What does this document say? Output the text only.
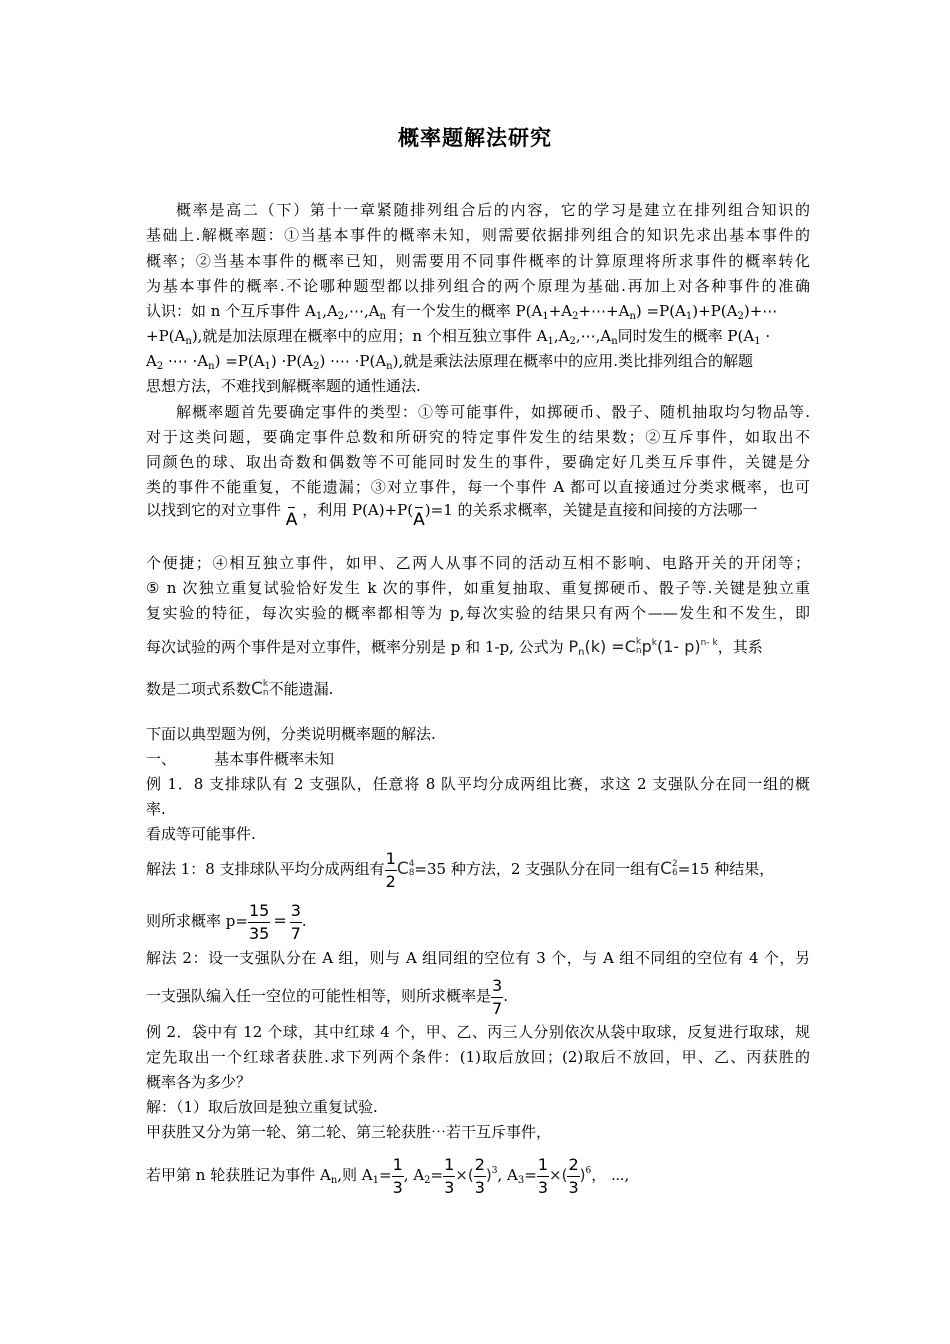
概率题解法研究
概率是高二（下）第十一章紧随排列组合后的内容，它的学习是建立在排列组合知识的
基础上.解概率题：①当基本事件的概率未知，则需要依据排列组合的知识先求出基本事件的
概率；②当基本事件的概率已知，则需要用不同事件概率的计算原理将所求事件的概率转化
为基本事件的概率.不论哪种题型都以排列组合的两个原理为基础.再加上对各种事件的准确
认识：如 n 个互斥事件 $A_1,A_2,\cdots,A_n$ 有一个发生的概率 $P(A_1+A_2+\cdots+A_n)$ $=P(A_1)+P(A_2)+\cdots$
$+P(A_n)$,就是加法原理在概率中的应用；n 个相互独立事件 $A_1,A_2,\cdots,A_n$同时发生的概率 $P(A_1$ ·
$A_2$ ·⋯ $\cdot A_n) =P(A_1) \cdot P(A_2)$ ·⋯ $\cdot P(A_n)$,就是乘法法原理在概率中的应用.类比排列组合的解题
思想方法，不难找到解概率题的通性通法.
解概率题首先要确定事件的类型：①等可能事件，如掷硬币、骰子、随机抽取均匀物品等.
对于这类问题，要确定事件总数和所研究的特定事件发生的结果数；②互斥事件，如取出不
同颜色的球、取出奇数和偶数等不可能同时发生的事件，要确定好几类互斥事件，关键是分
类的事件不能重复，不能遗漏；③对立事件，每一个事件 A 都可以直接通过分类求概率，也可
以找到它的对立事件 A ，利用 P(A)+P(A)=1 的关系求概率，关键是直接和间接的方法哪一
个便捷；④相互独立事件，如甲、乙两人从事不同的活动互相不影响、电路开关的开闭等；
⑤ n 次独立重复试验恰好发生 k 次的事件，如重复抽取、重复掷硬币、骰子等.关键是独立重
复实验的特征，每次实验的概率都相等为 p,每次实验的结果只有两个——发生和不发生，即
每次试验的两个事件是对立事件，概率分别是 p 和 1-p, 公式为 $P_n(k) =Ck$
$np^k(1-$ p)$^{n- k}$，其系
数是二项式系数Ck
n不能遗漏.
下面以典型题为例，分类说明概率题的解法.
一、	基本事件概率未知
例 1．8 支排球队有 2 支强队，任意将 8 队平均分成两组比赛，求这 2 支强队分在同一组的概
率.
看成等可能事件.
解法 1：8 支排球队平均分成两组有 $\frac{1}{2} C4$
8=35 种方法，2 支强队分在同一组有C2
6=15 种结果，
则所求概率 $p= \frac{15}{35} = \frac{3}{7}$ .
解法 2：设一支强队分在 A 组，则与 A 组同组的空位有 3 个，与 A 组不同组的空位有 4 个，另
一支强队编入任一空位的可能性相等，则所求概率是 $\frac{3}{7}$ .
例 2．袋中有 12 个球，其中红球 4 个，甲、乙、丙三人分别依次从袋中取球，反复进行取球，规
定先取出一个红球者获胜.求下列两个条件：(1)取后放回；(2)取后不放回，甲、乙、丙获胜的
概率各为多少？
解：（1）取后放回是独立重复试验.
甲获胜又分为第一轮、第二轮、第三轮获胜⋯若干互斥事件，
若甲第 n 轮获胜记为事件 $A_n$,则 $A_1= \frac{1}{3}$ , $A_2= \frac{1}{3}$ ×( $\frac{2}{3} )^3$, $A_3= \frac{1}{3}$ ×( $\frac{2}{3} )^6$， ⋯,
